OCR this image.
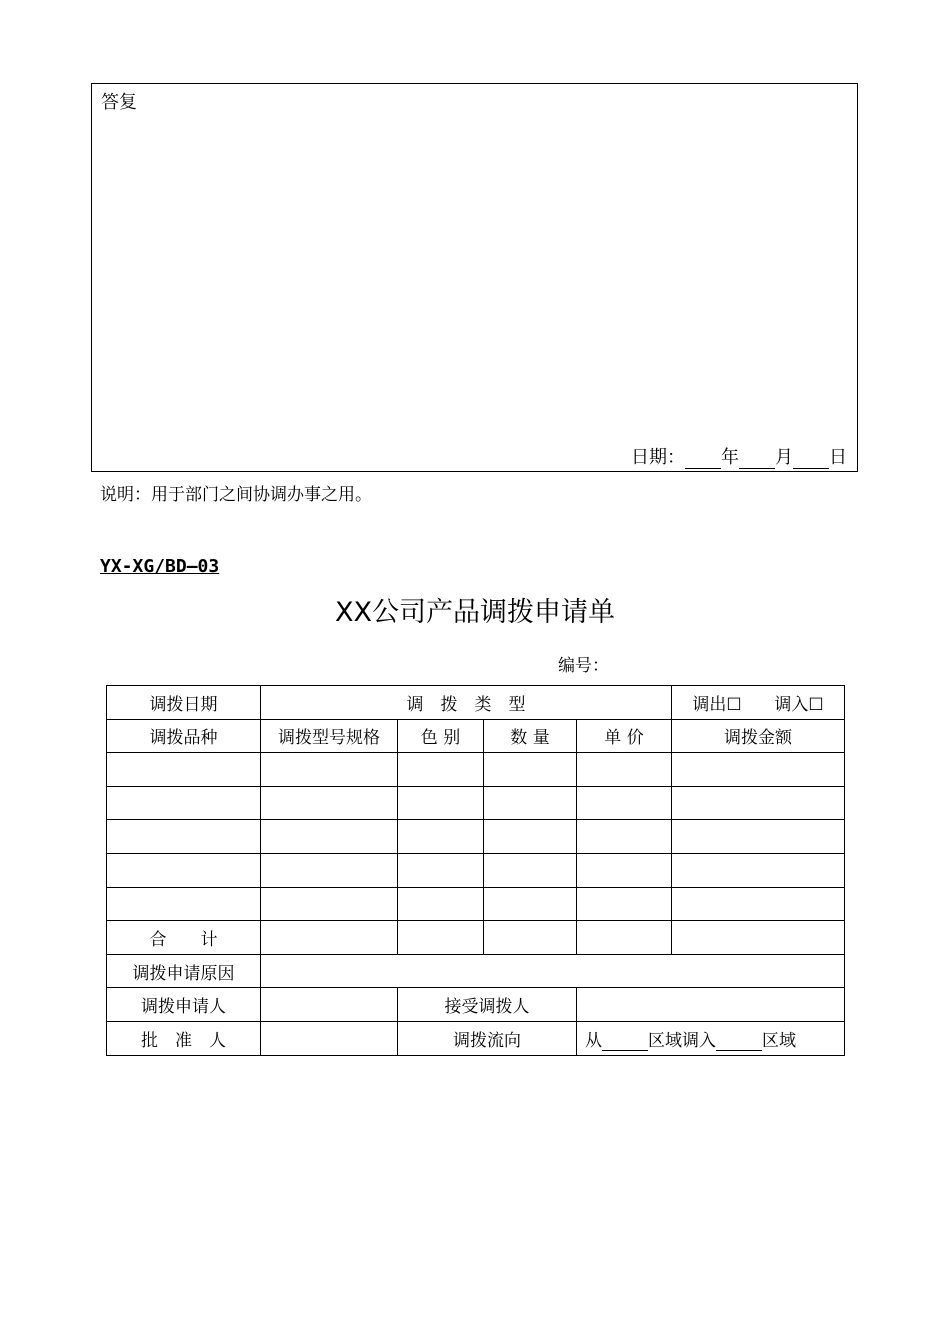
答复
日期： 年 月 日
说明：用于部门之间协调办事之用。
YX-XG/BD—03
XX公司产品调拨申请单
编号：
调拨日期	调　拨　类　型				调出☐ 调入☐

调拨品种	调拨型号规格	色 别	数 量	单 价	调拨金额

合　　计					
调拨申请原因					
调拨申请人		接受调拨人			
批　准　人		调拨流向		从 区域调入 区域	
